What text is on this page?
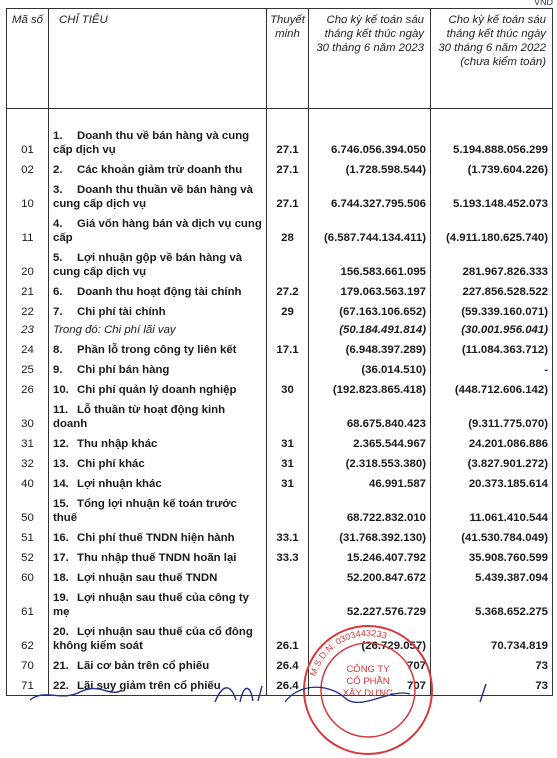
VND
Mã số	CHỈ TIÊU	Thuyết minh	Cho kỳ kế toán sáu tháng kết thúc ngày 30 tháng 6 năm 2023	Cho kỳ kế toán sáu tháng kết thúc ngày 30 tháng 6 năm 2022
(chưa kiểm toán)

01	1. Doanh thu về bán hàng và cung cấp dịch vụ	27.1	6.746.056.394.050	5.194.888.056.299
02	2. Các khoản giảm trừ doanh thu	27.1	(1.728.598.544)	(1.739.604.226)
10	3. Doanh thu thuần về bán hàng và cung cấp dịch vụ	27.1	6.744.327.795.506	5.193.148.452.073
11	4. Giá vốn hàng bán và dịch vụ cung cấp	28	(6.587.744.134.411)	(4.911.180.625.740)
20	5. Lợi nhuận gộp về bán hàng và cung cấp dịch vụ		156.583.661.095	281.967.826.333
21	6. Doanh thu hoạt động tài chính	27.2	179.063.563.197	227.856.528.522
22	7. Chi phí tài chính	29	(67.163.106.652)	(59.339.160.071)
23	Trong đó: Chi phí lãi vay		(50.184.491.814)	(30.001.956.041)
24	8. Phần lỗ trong công ty liên kết	17.1	(6.948.397.289)	(11.084.363.712)
25	9. Chi phí bán hàng		(36.014.510)	-
26	10. Chi phí quản lý doanh nghiệp	30	(192.823.865.418)	(448.712.606.142)
30	11. Lỗ thuần từ hoạt động kinh doanh		68.675.840.423	(9.311.775.070)
31	12. Thu nhập khác	31	2.365.544.967	24.201.086.886
32	13. Chi phí khác	31	(2.318.553.380)	(3.827.901.272)
40	14. Lợi nhuận khác	31	46.991.587	20.373.185.614
50	15. Tổng lợi nhuận kế toán trước thuế		68.722.832.010	11.061.410.544
51	16. Chi phí thuế TNDN hiện hành	33.1	(31.768.392.130)	(41.530.784.049)
52	17. Thu nhập thuế TNDN hoãn lại	33.3	15.246.407.792	35.908.760.599
60	18. Lợi nhuận sau thuế TNDN		52.200.847.672	5.439.387.094
61	19. Lợi nhuận sau thuế của công ty mẹ		52.227.576.729	5.368.652.275
62	20. Lợi nhuận sau thuế của cổ đông không kiểm soát	26.1	(26.729.057)	70.734.819
70	21. Lãi cơ bản trên cổ phiếu	26.4	707	73
71	22. Lãi suy giảm trên cổ phiếu	26.4	707	73
M.S.D.N: 0303443233
CÔNG TY
CỔ PHẦN
XÂY DỰNG
